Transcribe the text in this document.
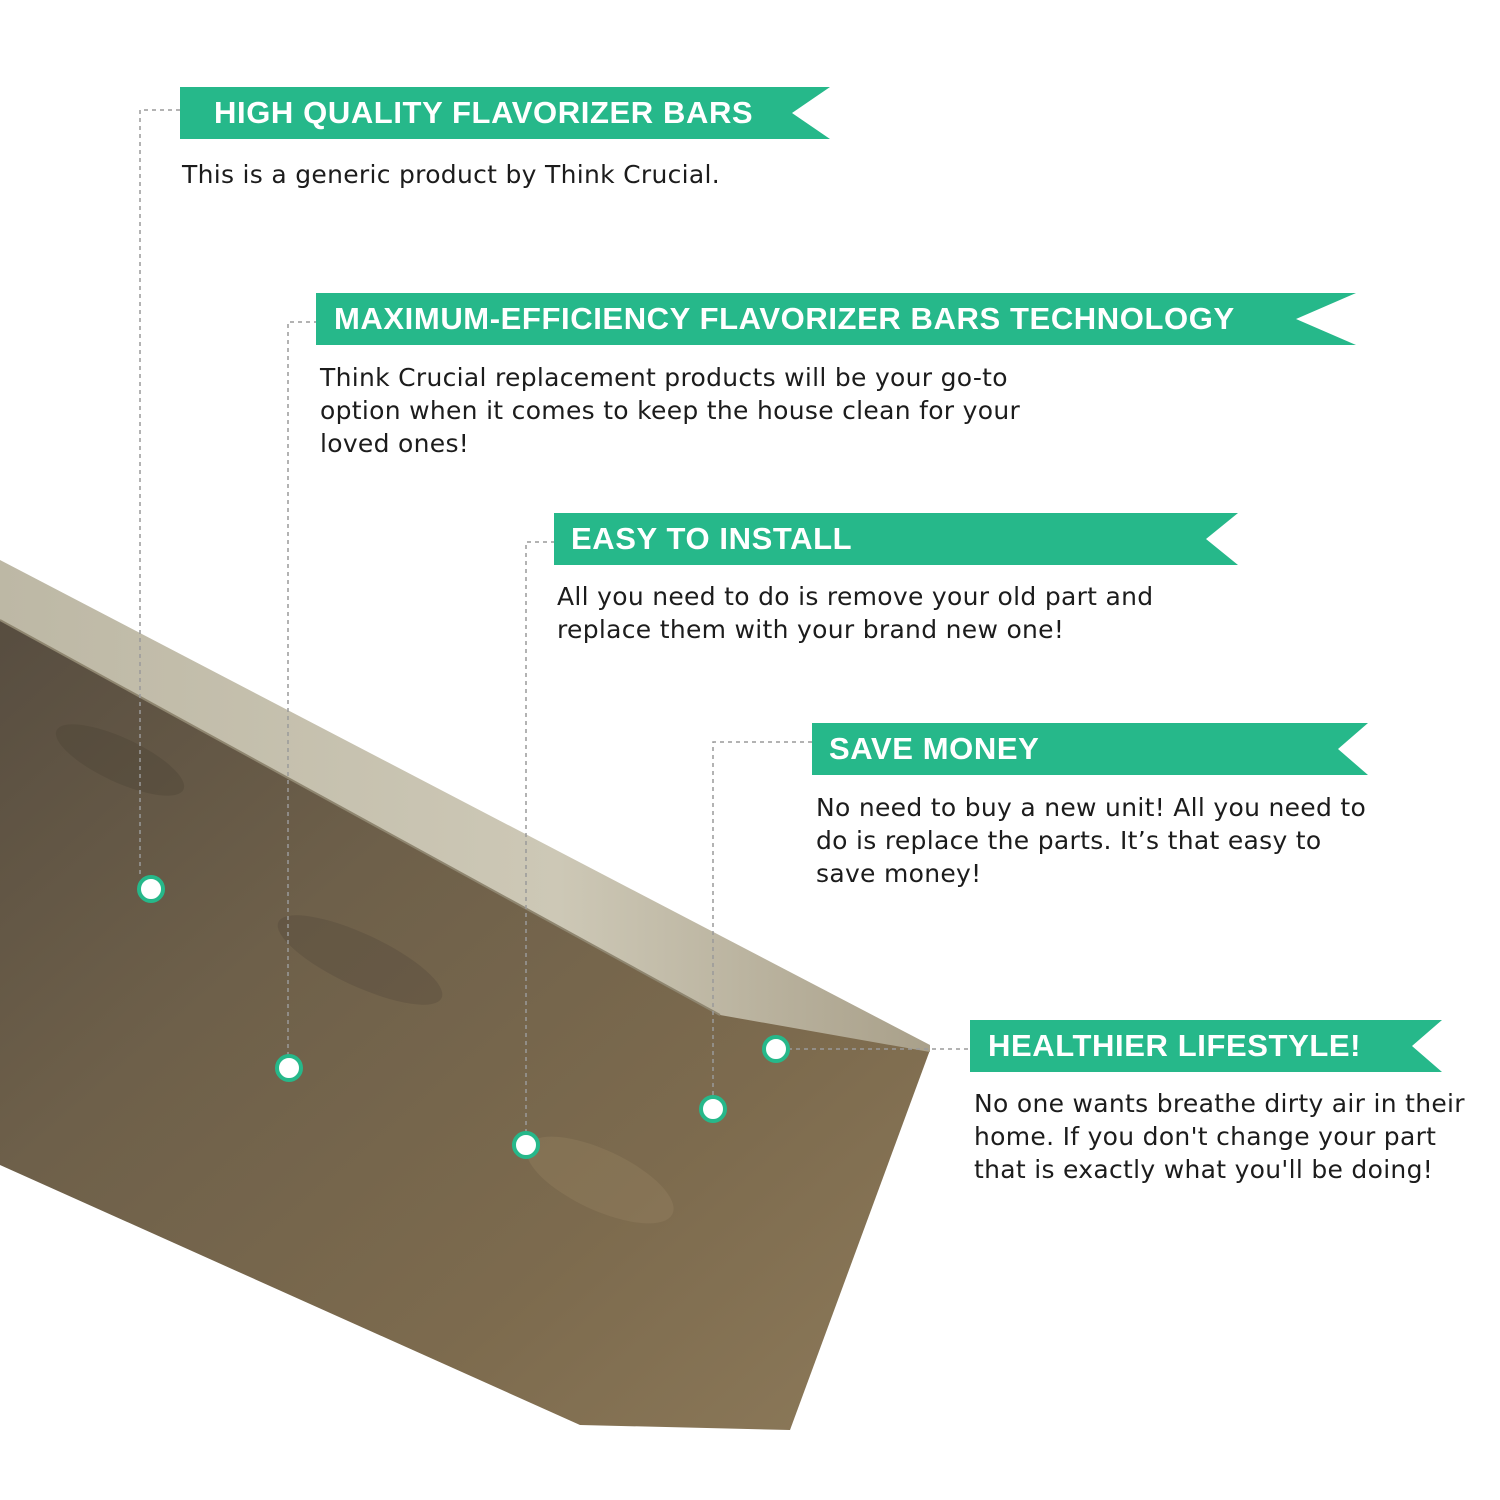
HIGH QUALITY FLAVORIZER BARS

This is a generic product by Think Crucial.

MAXIMUM-EFFICIENCY FLAVORIZER BARS TECHNOLOGY

Think Crucial replacement products will be your go-to option when it comes to keep the house clean for your loved ones!

EASY TO INSTALL

All you need to do is remove your old part and replace them with your brand new one!

SAVE MONEY

No need to buy a new unit! All you need to do is replace the parts. It’s that easy to save money!

HEALTHIER LIFESTYLE!

No one wants breathe dirty air in their home. If you don't change your part that is exactly what you'll be doing!
